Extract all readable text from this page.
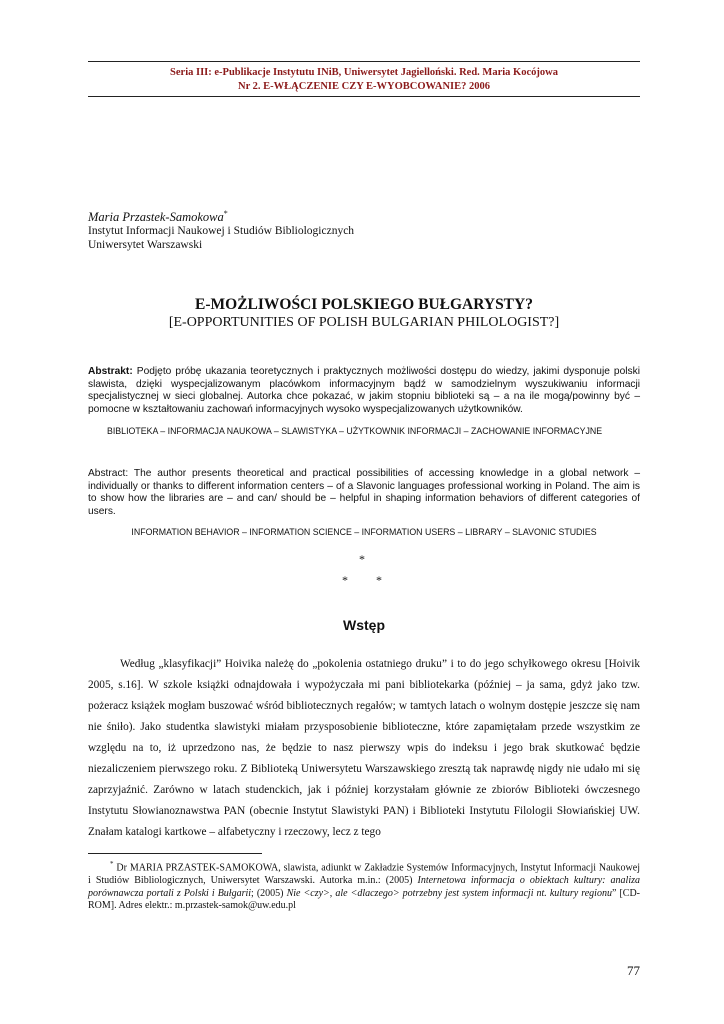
Seria III: e-Publikacje Instytutu INiB, Uniwersytet Jagielloński. Red. Maria Kocójowa
Nr 2. E-WŁĄCZENIE CZY E-WYOBCOWANIE? 2006
Maria Przastek-Samokowa*
Instytut Informacji Naukowej i Studiów Bibliologicznych
Uniwersytet Warszawski
E-MOŻLIWOŚCI POLSKIEGO BUŁGARYSTY?
[E-OPPORTUNITIES OF POLISH BULGARIAN PHILOLOGIST?]
Abstrakt: Podjęto próbę ukazania teoretycznych i praktycznych możliwości dostępu do wiedzy, jakimi dysponuje polski slawista, dzięki wyspecjalizowanym placówkom informacyjnym bądź w samodzielnym wyszukiwaniu informacji specjalistycznej w sieci globalnej. Autorka chce pokazać, w jakim stopniu biblioteki są – a na ile mogą/powinny być – pomocne w kształtowaniu zachowań informacyjnych wysoko wyspecjalizowanych użytkowników.
BIBLIOTEKA – INFORMACJA NAUKOWA – SLAWISTYKA – UŻYTKOWNIK INFORMACJI – ZACHOWANIE INFORMACYJNE
Abstract: The author presents theoretical and practical possibilities of accessing knowledge in a global network – individually or thanks to different information centers – of a Slavonic languages professional working in Poland. The aim is to show how the libraries are – and can/ should be – helpful in shaping information behaviors of different categories of users.
INFORMATION BEHAVIOR – INFORMATION SCIENCE – INFORMATION USERS – LIBRARY – SLAVONIC STUDIES
*
* *
Wstęp

Według „klasyfikacji” Hoivika należę do „pokolenia ostatniego druku” i to do jego schyłkowego okresu [Hoivik 2005, s.16]. W szkole książki odnajdowała i wypożyczała mi pani bibliotekarka (później – ja sama, gdyż jako tzw. pożeracz książek mogłam buszować wśród bibliotecznych regałów; w tamtych latach o wolnym dostępie jeszcze się nam nie śniło). Jako studentka slawistyki miałam przysposobienie biblioteczne, które zapamiętałam przede wszystkim ze względu na to, iż uprzedzono nas, że będzie to nasz pierwszy wpis do indeksu i jego brak skutkować będzie niezaliczeniem pierwszego roku. Z Biblioteką Uniwersytetu Warszawskiego zresztą tak naprawdę nigdy nie udało mi się zaprzyjaźnić. Zarówno w latach studenckich, jak i później korzystałam głównie ze zbiorów Biblioteki ówczesnego Instytutu Słowianoznawstwa PAN (obecnie Instytut Slawistyki PAN) i Biblioteki Instytutu Filologii Słowiańskiej UW. Znałam katalogi kartkowe – alfabetyczny i rzeczowy, lecz z tego

* Dr MARIA PRZASTEK-SAMOKOWA, slawista, adiunkt w Zakładzie Systemów Informacyjnych, Instytut Informacji Naukowej i Studiów Bibliologicznych, Uniwersytet Warszawski. Autorka m.in.: (2005) Internetowa informacja o obiektach kultury: analiza porównawcza portali z Polski i Bułgarii; (2005) Nie <czy>, ale <dlaczego> potrzebny jest system informacji nt. kultury regionu” [CD-ROM]. Adres elektr.: m.przastek-samok@uw.edu.pl
77
